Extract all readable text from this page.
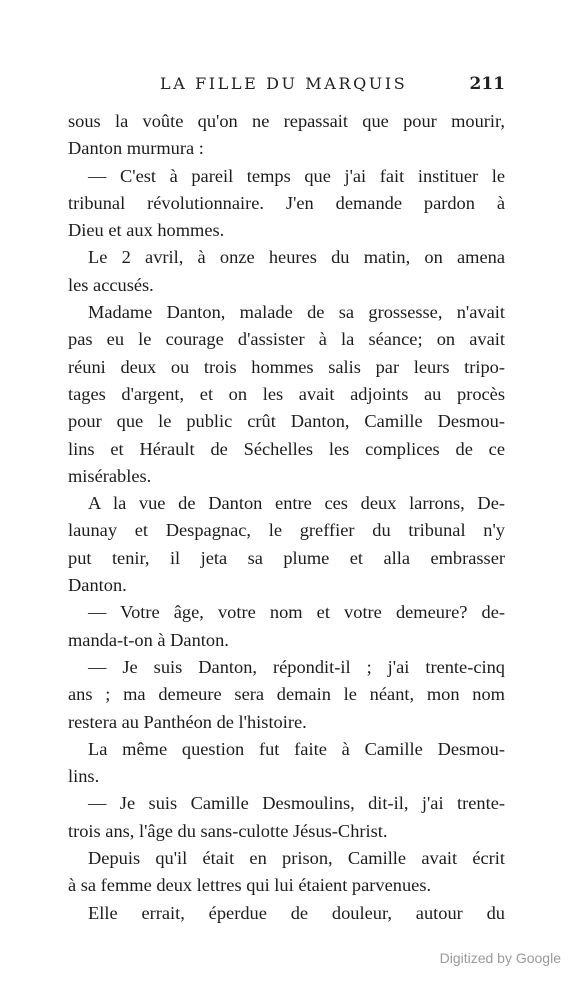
LA FILLE DU MARQUIS	211
sous la voûte qu'on ne repassait que pour mourir,
Danton murmura :
— C'est à pareil temps que j'ai fait instituer le
tribunal révolutionnaire. J'en demande pardon à
Dieu et aux hommes.
Le 2 avril, à onze heures du matin, on amena
les accusés.
Madame Danton, malade de sa grossesse, n'avait
pas eu le courage d'assister à la séance; on avait
réuni deux ou trois hommes salis par leurs tripo-
tages d'argent, et on les avait adjoints au procès
pour que le public crût Danton, Camille Desmou-
lins et Hérault de Séchelles les complices de ce
misérables.
A la vue de Danton entre ces deux larrons, De-
launay et Despagnac, le greffier du tribunal n'y
put tenir, il jeta sa plume et alla embrasser
Danton.
— Votre âge, votre nom et votre demeure? de-
manda-t-on à Danton.
— Je suis Danton, répondit-il ; j'ai trente-cinq
ans ; ma demeure sera demain le néant, mon nom
restera au Panthéon de l'histoire.
La même question fut faite à Camille Desmou-
lins.
— Je suis Camille Desmoulins, dit-il, j'ai trente-
trois ans, l'âge du sans-culotte Jésus-Christ.
Depuis qu'il était en prison, Camille avait écrit
à sa femme deux lettres qui lui étaient parvenues.
Elle errait, éperdue de douleur, autour du
Digitized by Google
